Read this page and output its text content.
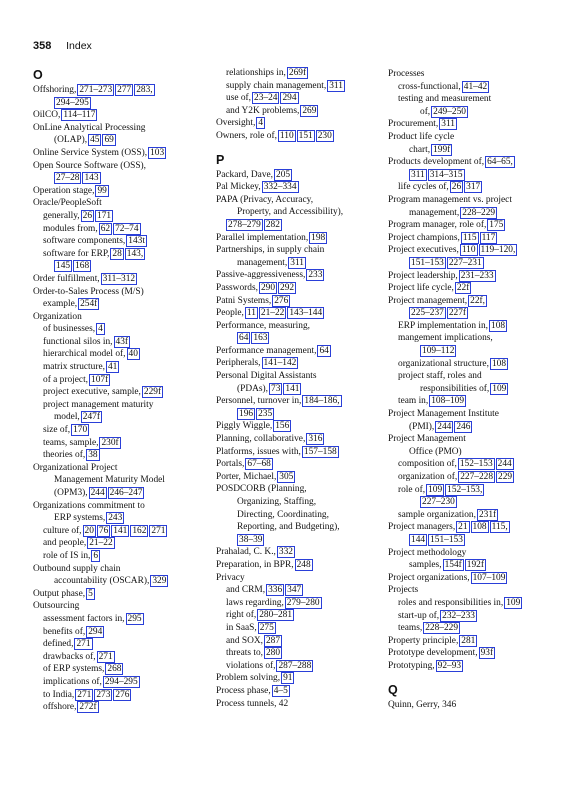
358 Index
O
Offshoring, 271–273 277 283,
294–295
OilCO, 114–117
OnLine Analytical Processing
(OLAP), 45 69
Online Service System (OSS), 103
Open Source Software (OSS),
27–28 143
Operation stage, 99
Oracle/PeopleSoft
generally, 26 171
modules from, 62 72–74
software components, 143t
software for ERP, 28 143,
145 168
Order fulfillment, 311–312
Order-to-Sales Process (M/S)
example, 254f
Organization
of businesses, 4
functional silos in, 43f
hierarchical model of, 40
matrix structure, 41
of a project, 107f
project executive, sample, 229f
project management maturity
model, 247f
size of, 170
teams, sample, 230f
theories of, 38
Organizational Project
Management Maturity Model
(OPM3), 244 246–247
Organizations commitment to
ERP systems, 243
culture of, 20 76 141 162 271
and people, 21–22
role of IS in, 6
Outbound supply chain
accountability (OSCAR), 329
Output phase, 5
Outsourcing
assessment factors in, 295
benefits of, 294
defined, 271
drawbacks of, 271
of ERP systems, 268
implications of, 294–295
to India, 271 273 276
offshore, 272f
relationships in, 269f
supply chain management, 311
use of, 23–24 294
and Y2K problems, 269
Oversight, 4
Owners, role of, 110 151 230
P
Packard, Dave, 205
Pal Mickey, 332–334
PAPA (Privacy, Accuracy,
Property, and Accessibility),
278–279 282
Parallel implementation, 198
Partnerships, in supply chain
management, 311
Passive-aggressiveness, 233
Passwords, 290 292
Patni Systems, 276
People, 11 21–22 143–144
Performance, measuring,
64 163
Performance management, 64
Peripherals, 141–142
Personal Digital Assistants
(PDAs), 73 141
Personnel, turnover in, 184–186,
196 235
Piggly Wiggle, 156
Planning, collaborative, 316
Platforms, issues with, 157–158
Portals, 67–68
Porter, Michael, 305
POSDCORB (Planning,
Organizing, Staffing,
Directing, Coordinating,
Reporting, and Budgeting),
38–39
Prahalad, C. K., 332
Preparation, in BPR, 248
Privacy
and CRM, 336 347
laws regarding, 279–280
right of, 280–281
in SaaS, 275
and SOX, 287
threats to, 280
violations of, 287–288
Problem solving, 91
Process phase, 4–5
Process tunnels, 42
Processes
cross-functional, 41–42
testing and measurement
of, 249–250
Procurement, 311
Product life cycle
chart, 199f
Products development of, 64–65,
311 314–315
life cycles of, 26 317
Program management vs. project
management, 228–229
Program manager, role of, 175
Project champions, 115 117
Project executives, 110 119–120,
151–153 227–231
Project leadership, 231–233
Project life cycle, 22f
Project management, 22f,
225–237 227f
ERP implementation in, 108
mangement implications,
109–112
organizational structure, 108
project staff, roles and
responsibilities of, 109
team in, 108–109
Project Management Institute
(PMI), 244 246
Project Management
Office (PMO)
composition of, 152–153 244
organization of, 227–228 229
role of, 109 152–153,
227–230
sample organization, 231f
Project managers, 21 108 115,
144 151–153
Project methodology
samples, 154f 192f
Project organizations, 107–109
Projects
roles and responsibilities in, 109
start-up of, 232–233
teams, 228–229
Property principle, 281
Prototype development, 93f
Prototyping, 92–93
Q
Quinn, Gerry, 346
